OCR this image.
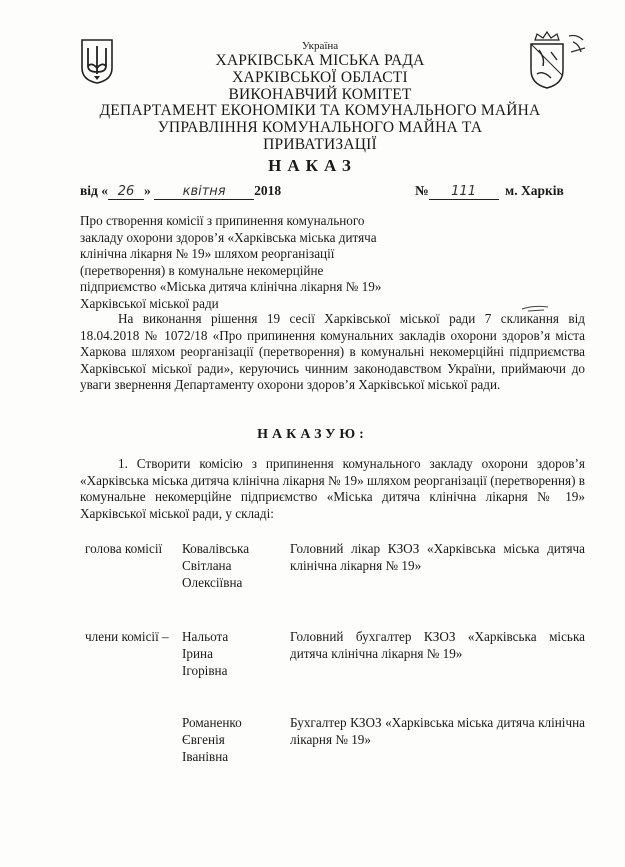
Україна
ХАРКІВСЬКА МІСЬКА РАДА
ХАРКІВСЬКОЇ ОБЛАСТІ
ВИКОНАВЧИЙ КОМІТЕТ
ДЕПАРТАМЕНТ ЕКОНОМІКИ ТА КОМУНАЛЬНОГО МАЙНА
УПРАВЛІННЯ КОМУНАЛЬНОГО МАЙНА ТА
ПРИВАТИЗАЦІЇ
НАКАЗ
від « 26 » квітня 2018	№ 111	м. Харків
Про створення комісії з припинення комунального закладу охорони здоров’я «Харківська міська дитяча клінічна лікарня № 19» шляхом реорганізації (перетворення) в комунальне некомерційне підприємство «Міська дитяча клінічна лікарня № 19» Харківської міської ради

На виконання рішення 19 сесії Харківської міської ради 7 скликання від 18.04.2018 № 1072/18 «Про припинення комунальних закладів охорони здоров’я міста Харкова шляхом реорганізації (перетворення) в комунальні некомерційні підприємства Харківської міської ради», керуючись чинним законодавством України, приймаючи до уваги звернення Департаменту охорони здоров’я Харківської міської ради.

НАКАЗУЮ:

1. Створити комісію з припинення комунального закладу охорони здоров’я «Харківська міська дитяча клінічна лікарня № 19» шляхом реорганізації (перетворення) в комунальне некомерційне підприємство «Міська дитяча клінічна лікарня № 19» Харківської міської ради, у складі:

голова комісії Ковалівська
Світлана
Олексіївна
Головний лікар КЗОЗ «Харківська міська дитяча клінічна лікарня № 19»
члени комісії – Нальота
Ірина
Ігорівна
Головний бухгалтер КЗОЗ «Харківська міська дитяча клінічна лікарня № 19»
Романенко
Євгенія
Іванівна
Бухгалтер КЗОЗ «Харківська міська дитяча клінічна лікарня № 19»
